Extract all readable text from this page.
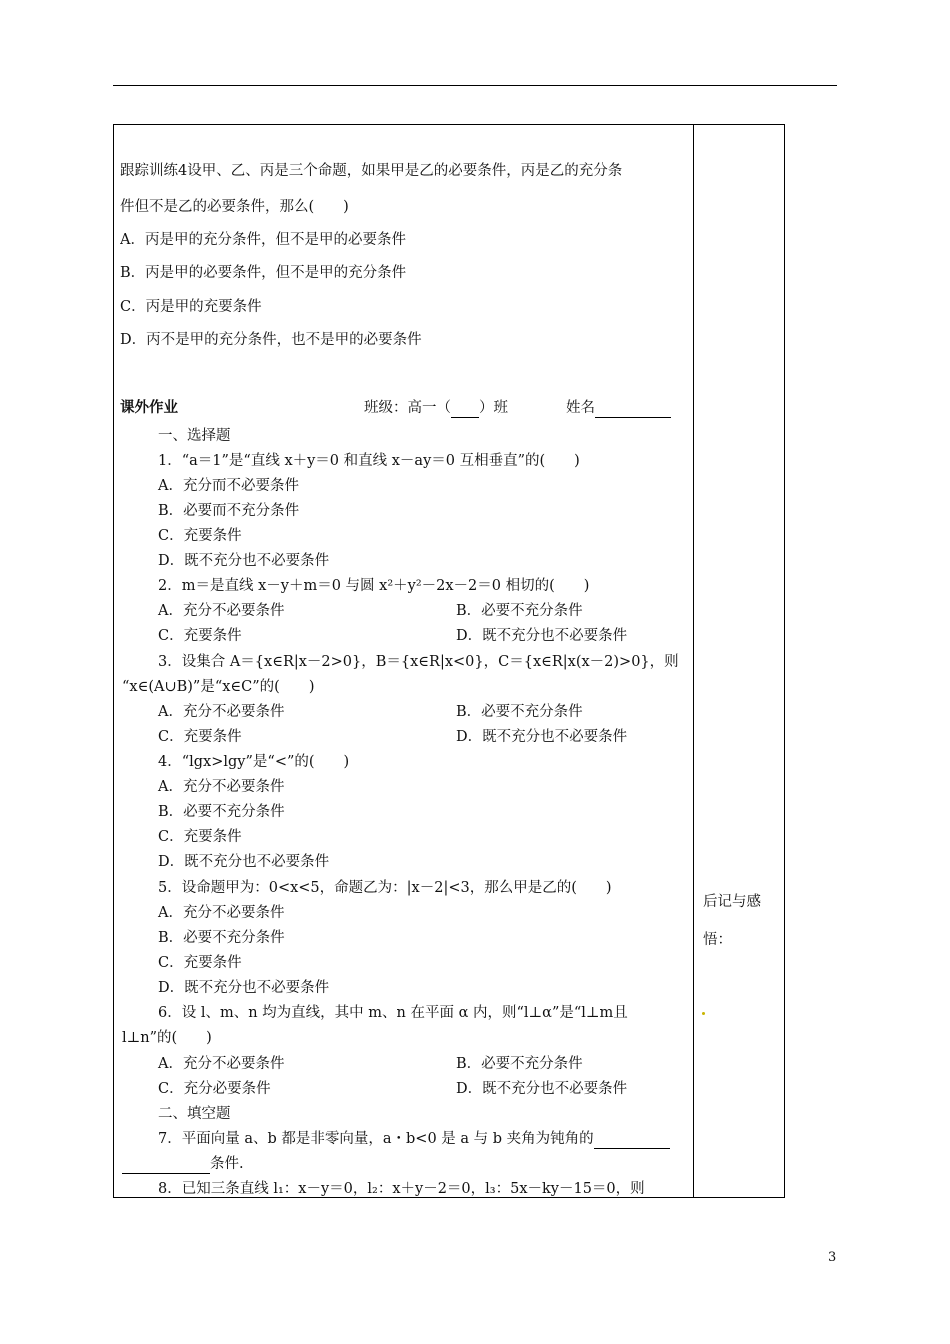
跟踪训练4设甲、乙、丙是三个命题，如果甲是乙的必要条件，丙是乙的充分条
件但不是乙的必要条件，那么(　　)
A．丙是甲的充分条件，但不是甲的必要条件
B．丙是甲的必要条件，但不是甲的充分条件
C．丙是甲的充要条件
D．丙不是甲的充分条件，也不是甲的必要条件
课外作业	班级：高一（ ）班	姓名
一、选择题
1．“a＝1”是“直线 x＋y＝0 和直线 x－ay＝0 互相垂直”的(　　)
A．充分而不必要条件
B．必要而不充分条件
C．充要条件
D．既不充分也不必要条件
2．m＝是直线 x－y＋m＝0 与圆 x²＋y²－2x－2＝0 相切的(　　)
A．充分不必要条件	B．必要不充分条件
C．充要条件	D．既不充分也不必要条件
3．设集合 A＝{x∈R|x－2>0}，B＝{x∈R|x<0}，C＝{x∈R|x(x－2)>0}，则
“x∈(A∪B)”是“x∈C”的(　　)
A．充分不必要条件	B．必要不充分条件
C．充要条件	D．既不充分也不必要条件
4．“lgx>lgy”是“<”的(　　)
A．充分不必要条件
B．必要不充分条件
C．充要条件
D．既不充分也不必要条件
5．设命题甲为：0<x<5，命题乙为：|x－2|<3，那么甲是乙的(　　)
A．充分不必要条件
B．必要不充分条件
C．充要条件
D．既不充分也不必要条件
6．设 l、m、n 均为直线，其中 m、n 在平面 α 内，则“l⊥α”是“l⊥m且
l⊥n”的(　　)
A．充分不必要条件	B．必要不充分条件
C．充分必要条件	D．既不充分也不必要条件
二、填空题
7．平面向量 a、b 都是非零向量，a・b<0 是 a 与 b 夹角为钝角的
条件.
8．已知三条直线 l₁：x－y＝0，l₂：x＋y－2＝0，l₃：5x－ky－15＝0，则
后记与感
悟：
3
